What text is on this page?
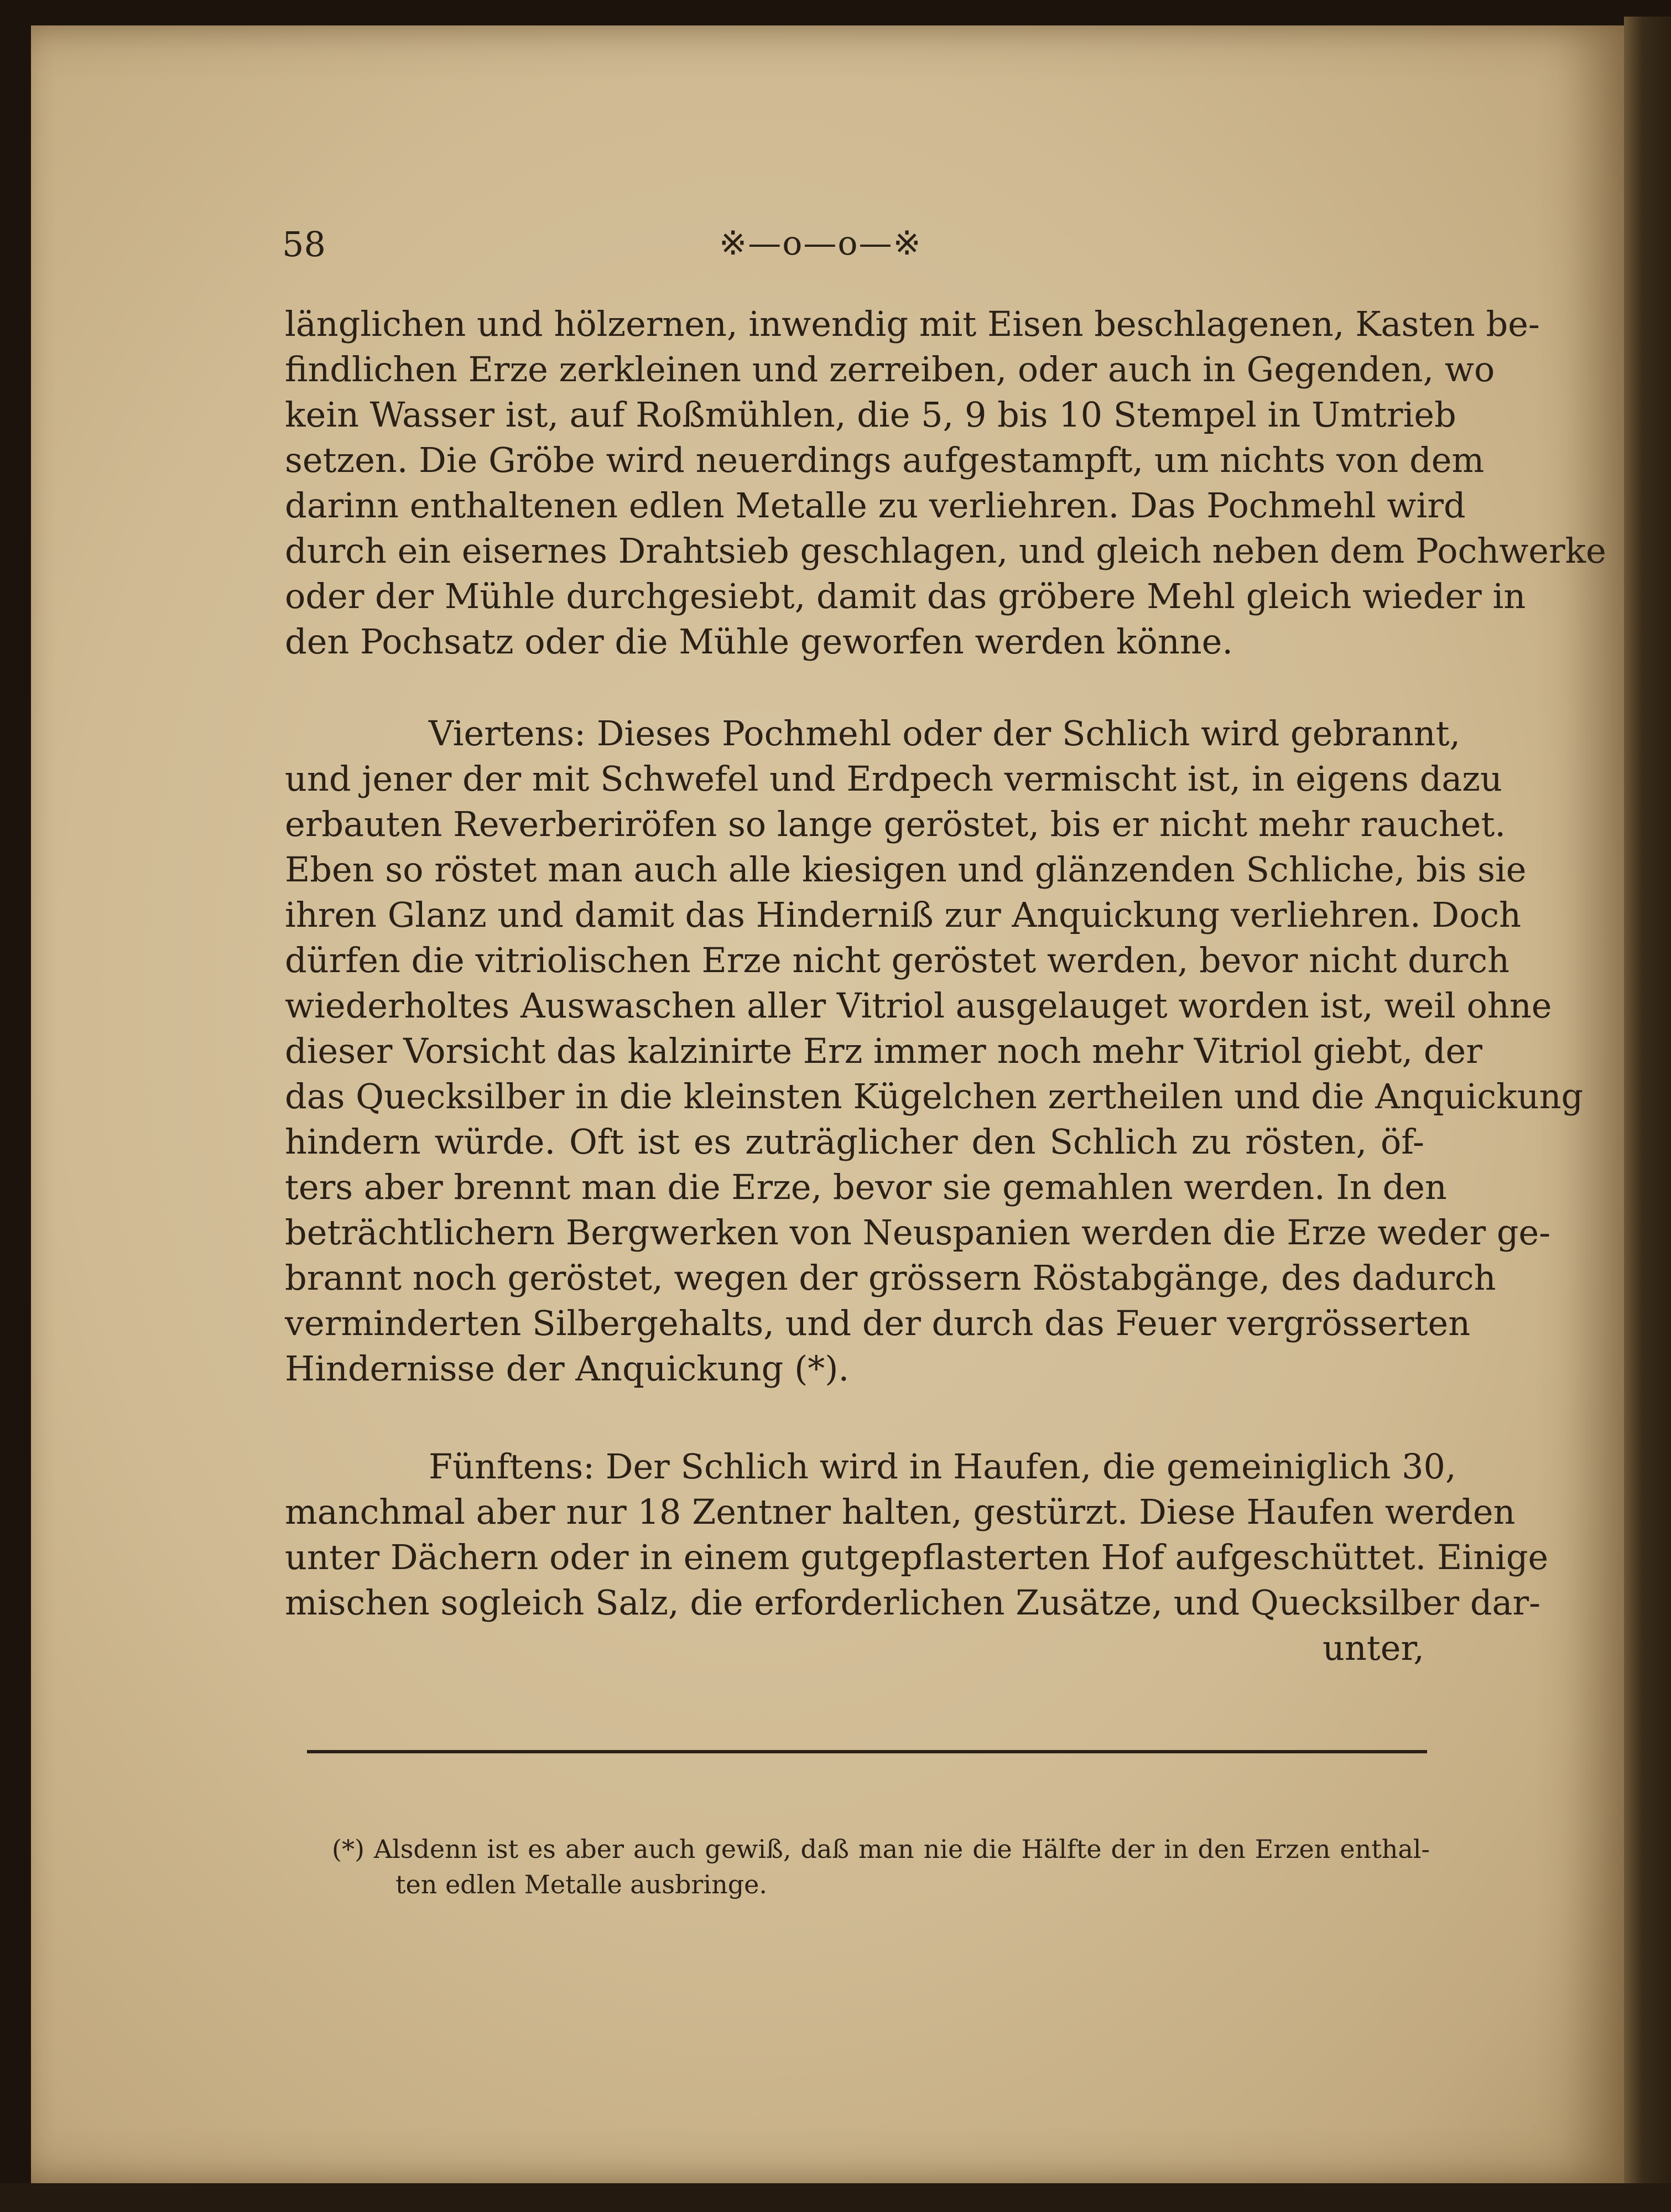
58	※—o—o—※
länglichen und hölzernen, inwendig mit Eisen beschlagenen, Kasten be-
findlichen Erze zerkleinen und zerreiben, oder auch in Gegenden, wo
kein Wasser ist, auf Roßmühlen, die 5, 9 bis 10 Stempel in Umtrieb
setzen. Die Gröbe wird neuerdings aufgestampft, um nichts von dem
darinn enthaltenen edlen Metalle zu verliehren. Das Pochmehl wird
durch ein eisernes Drahtsieb geschlagen, und gleich neben dem Pochwerke
oder der Mühle durchgesiebt, damit das gröbere Mehl gleich wieder in
den Pochsatz oder die Mühle geworfen werden könne.
Viertens: Dieses Pochmehl oder der Schlich wird gebrannt,
und jener der mit Schwefel und Erdpech vermischt ist, in eigens dazu
erbauten Reverberiröfen so lange geröstet, bis er nicht mehr rauchet.
Eben so röstet man auch alle kiesigen und glänzenden Schliche, bis sie
ihren Glanz und damit das Hinderniß zur Anquickung verliehren. Doch
dürfen die vitriolischen Erze nicht geröstet werden, bevor nicht durch
wiederholtes Auswaschen aller Vitriol ausgelauget worden ist, weil ohne
dieser Vorsicht das kalzinirte Erz immer noch mehr Vitriol giebt, der
das Quecksilber in die kleinsten Kügelchen zertheilen und die Anquickung
hindern würde. Oft ist es zuträglicher den Schlich zu rösten, öf-
ters aber brennt man die Erze, bevor sie gemahlen werden. In den
beträchtlichern Bergwerken von Neuspanien werden die Erze weder ge-
brannt noch geröstet, wegen der grössern Röstabgänge, des dadurch
verminderten Silbergehalts, und der durch das Feuer vergrösserten
Hindernisse der Anquickung (*).
Fünftens: Der Schlich wird in Haufen, die gemeiniglich 30,
manchmal aber nur 18 Zentner halten, gestürzt. Diese Haufen werden
unter Dächern oder in einem gutgepflasterten Hof aufgeschüttet. Einige
mischen sogleich Salz, die erforderlichen Zusätze, und Quecksilber dar-
unter,
(*) Alsdenn ist es aber auch gewiß, daß man nie die Hälfte der in den Erzen enthal-
ten edlen Metalle ausbringe.
